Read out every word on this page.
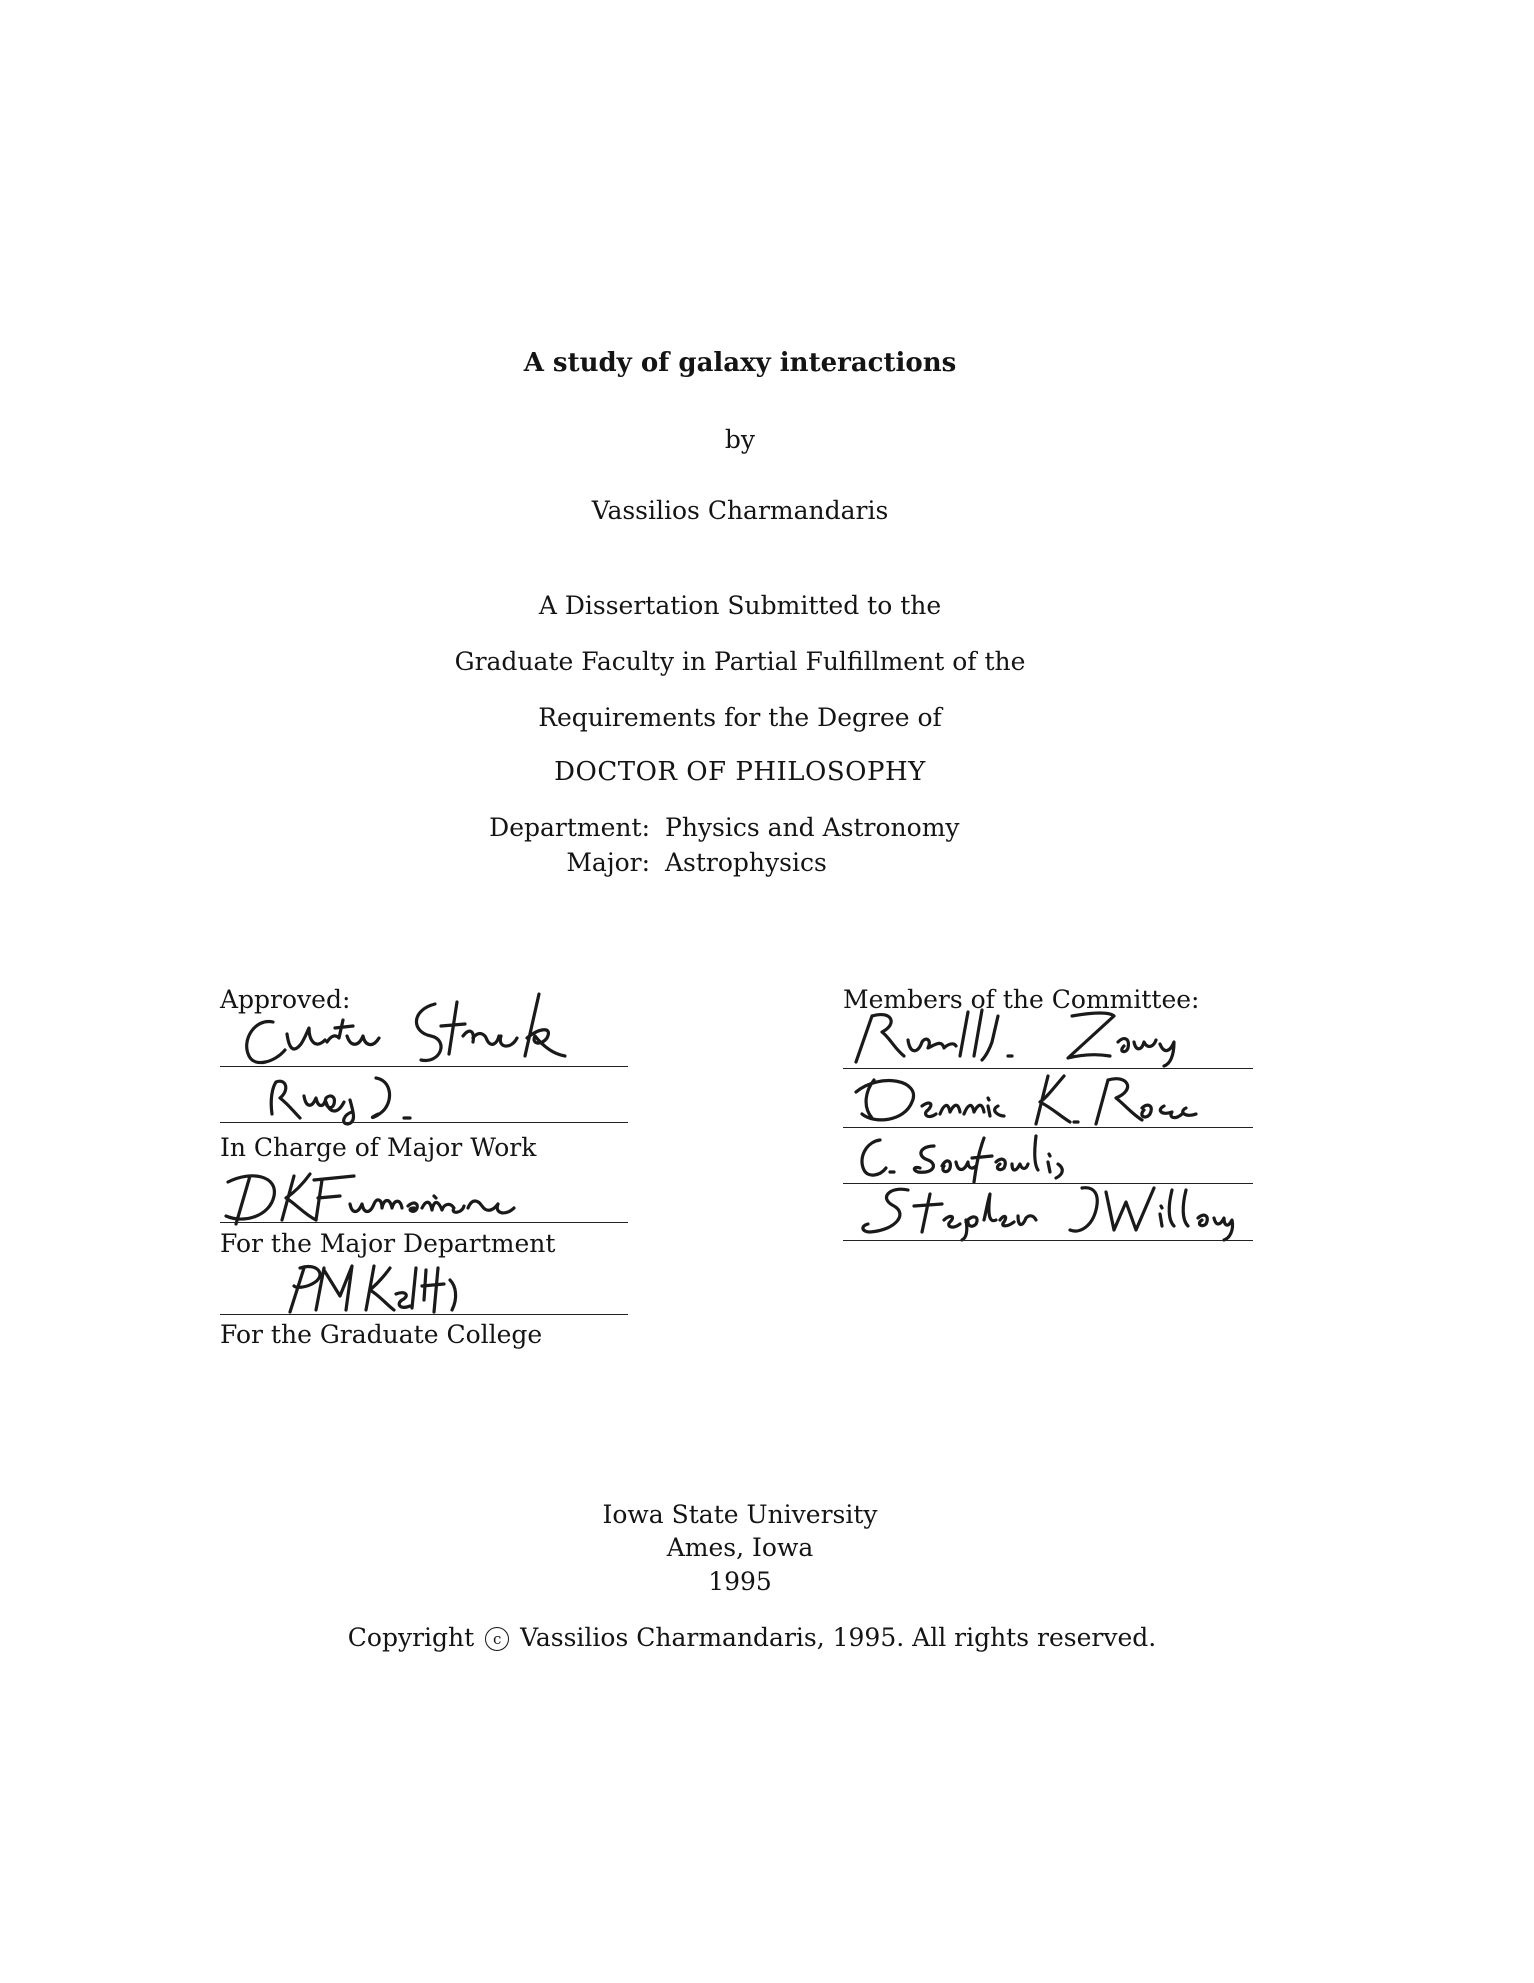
A study of galaxy interactions
by
Vassilios Charmandaris
A Dissertation Submitted to the
Graduate Faculty in Partial Fulfillment of the
Requirements for the Degree of
DOCTOR OF PHILOSOPHY
Department: Physics and Astronomy
Major: Astrophysics
Approved:
In Charge of Major Work
For the Major Department
For the Graduate College
Members of the Committee:
Iowa State University
Ames, Iowa
1995
Copyright c Vassilios Charmandaris, 1995. All rights reserved.
